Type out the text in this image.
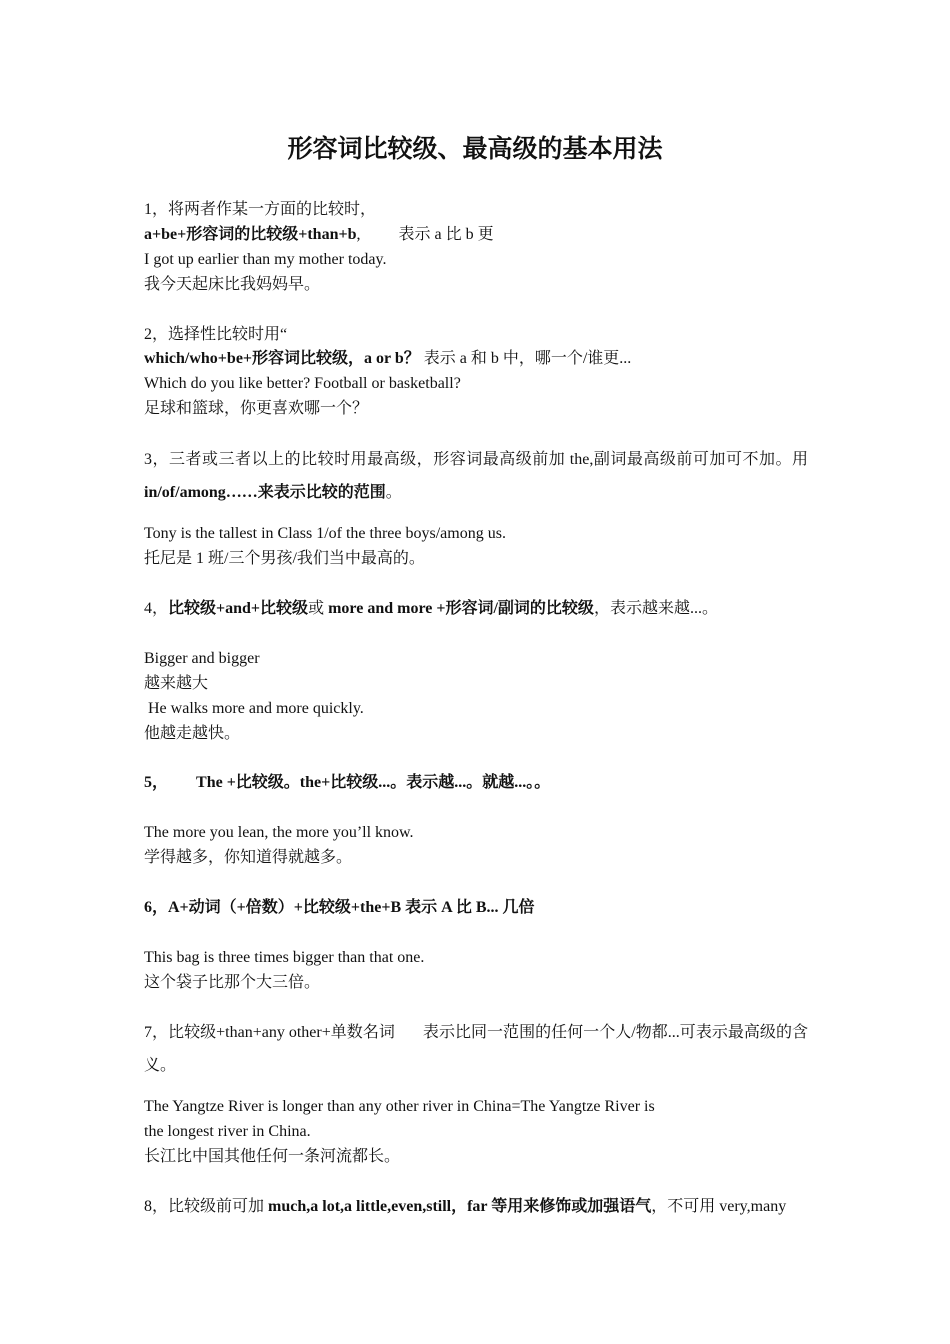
形容词比较级、最高级的基本用法
1，将两者作某一方面的比较时，
a+be+形容词的比较级+than+b, 表示 a 比 b 更
I got up earlier than my mother today.
我今天起床比我妈妈早。
2，选择性比较时用“
which/who+be+形容词比较级，a or b？ 表示 a 和 b 中，哪一个/谁更...
Which do you like better? Football or basketball?
足球和篮球，你更喜欢哪一个？
3，三者或三者以上的比较时用最高级，形容词最高级前加 the,副词最高级前可加可不加。用 in/of/among……来表示比较的范围。
Tony is the tallest in Class 1/of the three boys/among us.
托尼是 1 班/三个男孩/我们当中最高的。
4，比较级+and+比较级或 more and more +形容词/副词的比较级，表示越来越...。
Bigger and bigger
越来越大
He walks more and more quickly.
他越走越快。
5， The +比较级。the+比较级...。表示越...。就越...。。
The more you lean, the more you’ll know.
学得越多，你知道得就越多。
6，A+动词（+倍数）+比较级+the+B 表示 A 比 B... 几倍
This bag is three times bigger than that one.
这个袋子比那个大三倍。
7，比较级+than+any other+单数名词 表示比同一范围的任何一个人/物都...可表示最高级的含义。
The Yangtze River is longer than any other river in China=The Yangtze River is
the longest river in China.
长江比中国其他任何一条河流都长。
8，比较级前可加 much,a lot,a little,even,still，far 等用来修饰或加强语气，不可用 very,many
